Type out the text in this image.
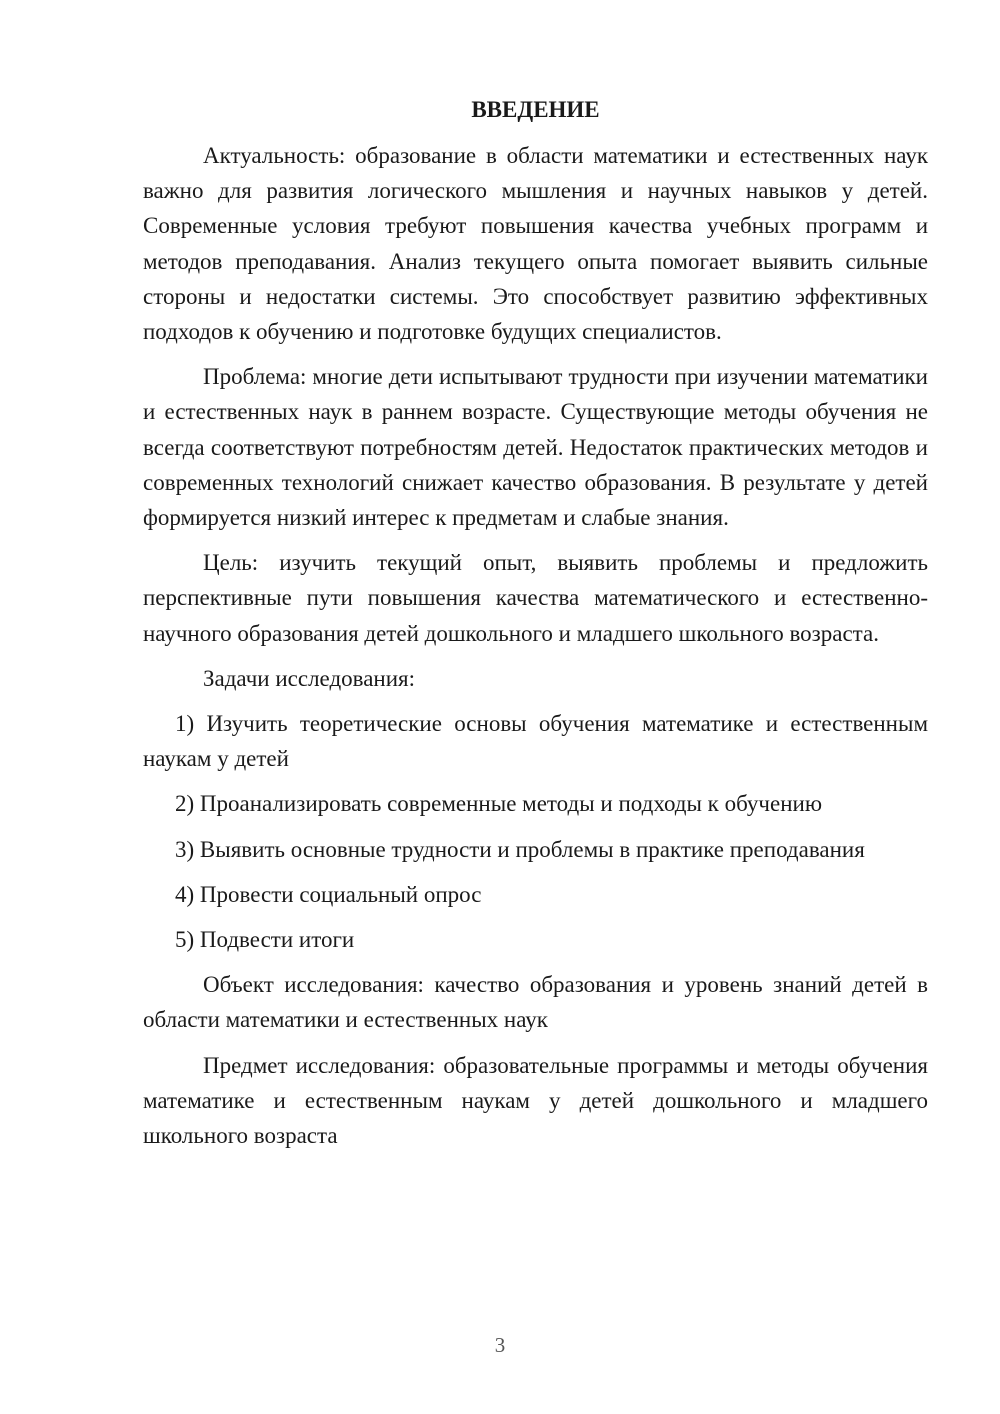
ВВЕДЕНИЕ

Актуальность: образование в области математики и естественных наук важно для развития логического мышления и научных навыков у детей. Современные условия требуют повышения качества учебных программ и методов преподавания. Анализ текущего опыта помогает выявить сильные стороны и недостатки системы. Это способствует развитию эффективных подходов к обучению и подготовке будущих специалистов.

Проблема: многие дети испытывают трудности при изучении математики и естественных наук в раннем возрасте. Существующие методы обучения не всегда соответствуют потребностям детей. Недостаток практических методов и современных технологий снижает качество образования. В результате у детей формируется низкий интерес к предметам и слабые знания.

Цель: изучить текущий опыт, выявить проблемы и предложить перспективные пути повышения качества математического и естественно-научного образования детей дошкольного и младшего школьного возраста.

Задачи исследования:

1) Изучить теоретические основы обучения математике и естественным наукам у детей

2) Проанализировать современные методы и подходы к обучению

3) Выявить основные трудности и проблемы в практике преподавания

4) Провести социальный опрос

5) Подвести итоги

Объект исследования: качество образования и уровень знаний детей в области математики и естественных наук

Предмет исследования: образовательные программы и методы обучения математике и естественным наукам у детей дошкольного и младшего школьного возраста

3
